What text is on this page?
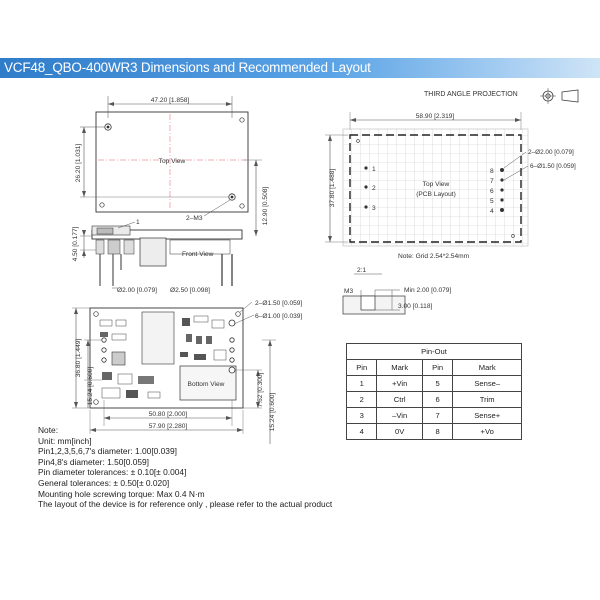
VCF48_QBO-400WR3 Dimensions and Recommended Layout
THIRD ANGLE PROJECTION
47.20 [1.858]
Top View
26.20 [1.031]
2–M3	12.90 [0.508]
4.50 [0.177]	Front View
1
Ø2.00 [0.079] Ø2.50 [0.098]
Bottom View
2–Ø1.50 [0.059]
6–Ø1.00 [0.039]
36.80 [1.449]
15.24 [0.600]
50.80 [2.000]
57.90 [2.280]
7.62 [0.300]
15.24 [0.600]
58.90 [2.319]
37.80 [1.488]	1
2
3
8
7
6
5
4
Top View
(PCB Layout)
2–Ø2.00 [0.079]
6–Ø1.50 [0.059]
Note: Grid 2.54*2.54mm
2:1
M3	Min 2.00 [0.079]
3.00 [0.118]
Pin-Out			
Pin	Mark	Pin	Mark
1	+Vin	5	Sense–
2	Ctrl	6	Trim
3	–Vin	7	Sense+
4	0V	8	+Vo
Note:
Unit: mm[inch]
Pin1,2,3,5,6,7's diameter: 1.00[0.039]
Pin4,8's diameter: 1.50[0.059]
Pin diameter tolerances: ± 0.10[± 0.004]
General tolerances: ± 0.50[± 0.020]
Mounting hole screwing torque: Max 0.4 N·m
The layout of the device is for reference only , please refer to the actual product
